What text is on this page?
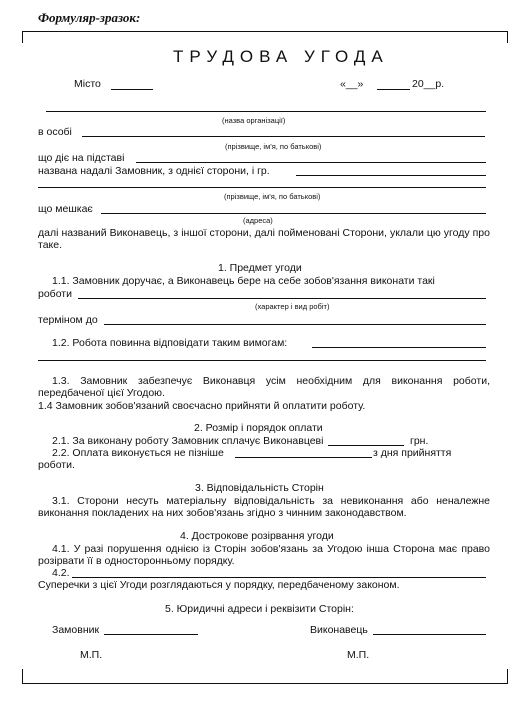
Формуляр-зразок:
ТРУДОВА УГОДА
Місто	«__»	20__р.
(назва організації)
в особі
(прізвище, ім'я, по батькові)
що діє на підставі
названа надалі Замовник, з однієї сторони, і гр.
(прізвище, ім'я, по батькові)
що мешкає
(адреса)
далі названий Виконавець, з іншої сторони, далі пойменовані Сторони, уклали цю угоду про таке.
1. Предмет угоди
1.1. Замовник доручає, а Виконавець бере на себе зобов'язання виконати такі
роботи
(характер і вид робіт)
терміном до
1.2. Робота повинна відповідати таким вимогам:
1.3. Замовник забезпечує Виконавця усім необхідним для виконання роботи, передбаченої цієї Угодою.
1.4 Замовник зобов'язаний своєчасно прийняти й оплатити роботу.
2. Розмір і порядок оплати
2.1. За виконану роботу Замовник сплачує Виконавцеві	грн.
2.2. Оплата виконується не пізніше	з дня прийняття
роботи.
3. Відповідальність Сторін
3.1. Сторони несуть матеріальну відповідальність за невиконання або неналежне виконання покладених на них зобов'язань згідно з чинним законодавством.
4. Дострокове розірвання угоди
4.1. У разі порушення однією із Сторін зобов'язань за Угодою інша Сторона має право розірвати її в односторонньому порядку.
4.2.
Суперечки з цієї Угоди розглядаються у порядку, передбаченому законом.
5. Юридичні адреси і реквізити Сторін:
Замовник	Виконавець
М.П.	М.П.
